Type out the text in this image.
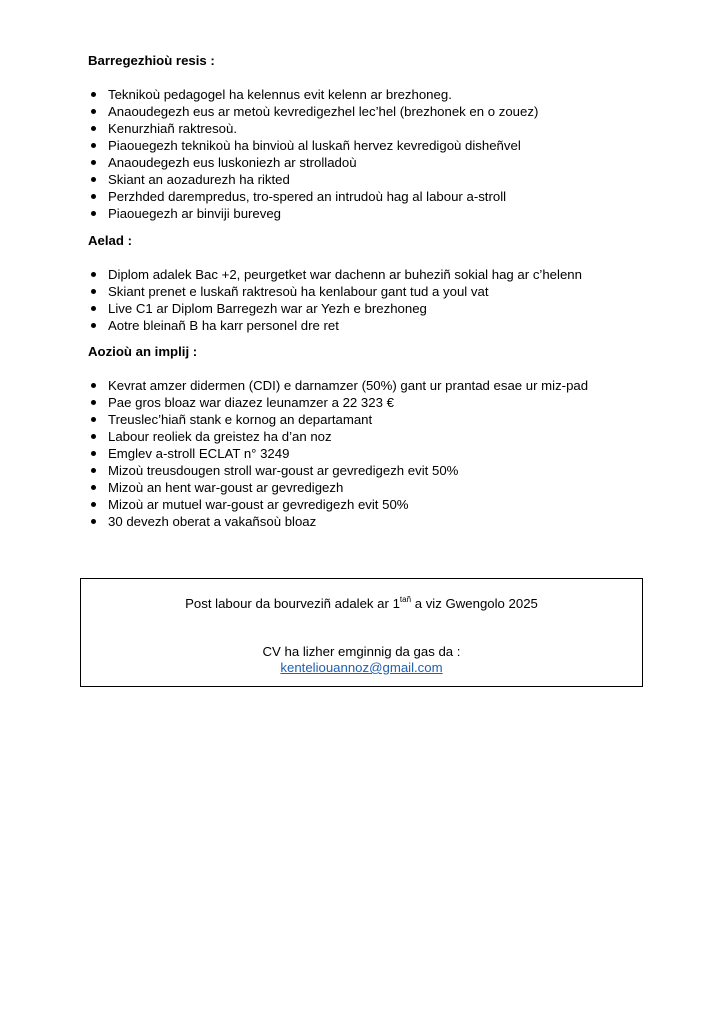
Barregezhioù resis :

Teknikoù pedagogel ha kelennus evit kelenn ar brezhoneg.
Anaoudegezh eus ar metoù kevredigezhel lec’hel (brezhonek en o zouez)
Kenurzhiañ raktresoù.
Piaouegezh teknikoù ha binvioù al luskañ hervez kevredigoù disheñvel
Anaoudegezh eus luskoniezh ar strolladoù
Skiant an aozadurezh ha rikted
Perzhded darempredus, tro-spered an intrudoù hag al labour a-stroll
Piaouegezh ar binviji bureveg

Aelad :

Diplom adalek Bac +2, peurgetket war dachenn ar buheziñ sokial hag ar c’helenn
Skiant prenet e luskañ raktresoù ha kenlabour gant tud a youl vat
Live C1 ar Diplom Barregezh war ar Yezh e brezhoneg
Aotre bleinañ B ha karr personel dre ret

Aozioù an implij :

Kevrat amzer didermen (CDI) e darnamzer (50%) gant ur prantad esae ur miz-pad
Pae gros bloaz war diazez leunamzer a 22 323 €
Treuslec’hiañ stank e kornog an departamant
Labour reoliek da greistez ha d’an noz
Emglev a-stroll ECLAT n° 3249
Mizoù treusdougen stroll war-goust ar gevredigezh evit 50%
Mizoù an hent war-goust ar gevredigezh
Mizoù ar mutuel war-goust ar gevredigezh evit 50%
30 devezh oberat a vakañsoù bloaz
Post labour da bourveziñ adalek ar $1^{tañ}$ a viz Gwengolo 2025
CV ha lizher emginnig da gas da :
kenteliouannoz@gmail.com
